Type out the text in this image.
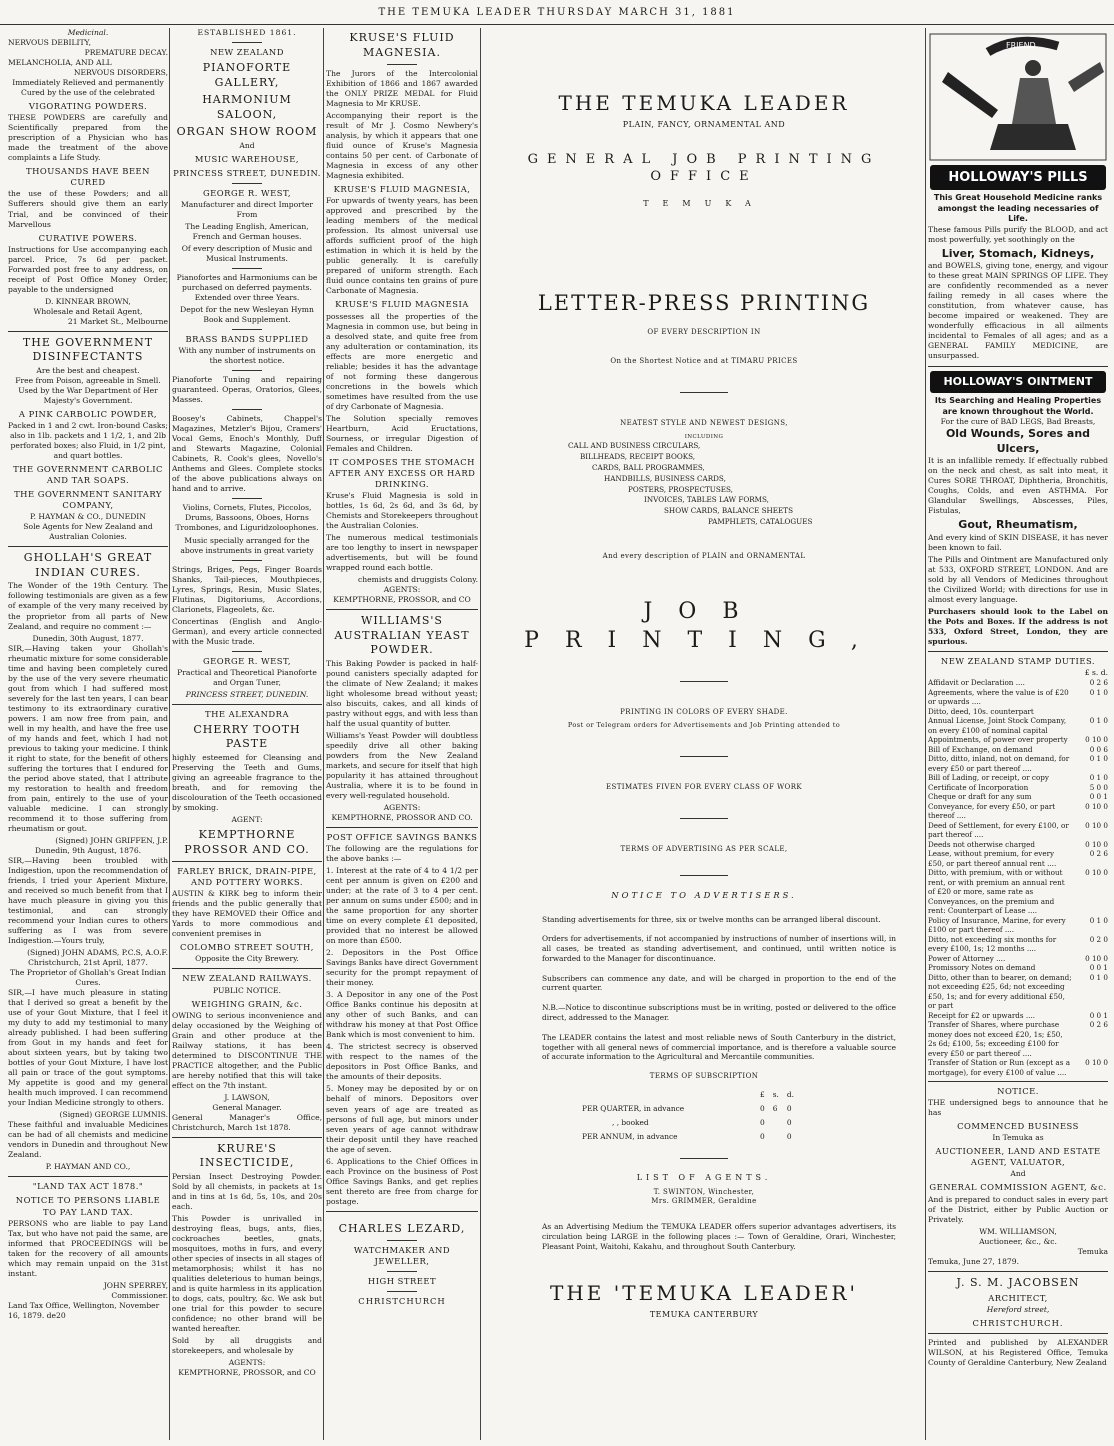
THE TEMUKA LEADER THURSDAY MARCH 31, 1881
Medicinal.
NERVOUS DEBILITY,
PREMATURE DECAY.
MELANCHOLIA, AND ALL
NERVOUS DISORDERS,

Immediately Relieved and permanently Cured by the use of the celebrated

VIGORATING POWDERS.

THESE POWDERS are carefully and Scientifically prepared from the prescription of a Physician who has made the treatment of the above complaints a Life Study.

THOUSANDS HAVE BEEN CURED

the use of these Powders; and all Sufferers should give them an early Trial, and be convinced of their Marvellous

CURATIVE POWERS.

Instructions for Use accompanying each parcel. Price, 7s 6d per packet. Forwarded post free to any address, on receipt of Post Office Money Order, payable to the undersigned

D. KINNEAR BROWN,
Wholesale and Retail Agent,
21 Market St., Melbourne
THE GOVERNMENT DISINFECTANTS
Are the best and cheapest.

Free from Poison, agreeable in Smell. Used by the War Department of Her Majesty's Government.

A PINK CARBOLIC POWDER,

Packed in 1 and 2 cwt. Iron-bound Casks; also in 1lb. packets and 1 1/2, 1, and 2lb perforated boxes; also Fluid, in 1/2 pint, and quart bottles.

THE GOVERNMENT CARBOLIC AND TAR SOAPS.
THE GOVERNMENT SANITARY COMPANY,
P. HAYMAN & CO., DUNEDIN

Sole Agents for New Zealand and Australian Colonies.

GHOLLAH'S GREAT INDIAN CURES.

The Wonder of the 19th Century. The following testimonials are given as a few of example of the very many received by the proprietor from all parts of New Zealand, and require no comment :—

Dunedin, 30th August, 1877.

SIR,—Having taken your Ghollah's rheumatic mixture for some considerable time and having been completely cured by the use of the very severe rheumatic gout from which I had suffered most severely for the last ten years, I can bear testimony to its extraordinary curative powers. I am now free from pain, and well in my health, and have the free use of my hands and feet, which I had not previous to taking your medicine. I think it right to state, for the benefit of others suffering the tortures that I endured for the period above stated, that I attribute my restoration to health and freedom from pain, entirely to the use of your valuable medicine. I can strongly recommend it to those suffering from rheumatism or gout.

(Signed) JOHN GRIFFEN, J.P.
Dunedin, 9th August, 1876.

SIR,—Having been troubled with Indigestion, upon the recommendation of friends, I tried your Aperient Mixture, and received so much benefit from that I have much pleasure in giving you this testimonial, and can strongly recommend your Indian cures to others suffering as I was from severe Indigestion.—Yours truly,

(Signed) JOHN ADAMS, P.C.S, A.O.F.
Christchurch, 21st April, 1877.
The Proprietor of Ghollah's Great Indian Cures.

SIR,—I have much pleasure in stating that I derived so great a benefit by the use of your Gout Mixture, that I feel it my duty to add my testimonial to many already published. I had been suffering from Gout in my hands and feet for about sixteen years, but by taking two bottles of your Gout Mixture, I have lost all pain or trace of the gout symptoms. My appetite is good and my general health much improved. I can recommend your Indian Medicine strongly to others.

(Signed) GEORGE LUMNIS.

These faithful and invaluable Medicines can be had of all chemists and medicine vendors in Dunedin and throughout New Zealand.

P. HAYMAN AND CO.,
"LAND TAX ACT 1878."
NOTICE TO PERSONS LIABLE TO PAY LAND TAX.

PERSONS who are liable to pay Land Tax, but who have not paid the same, are informed that PROCEEDINGS will be taken for the recovery of all amounts which may remain unpaid on the 31st instant.

JOHN SPERREY,
Commissioner.
Land Tax Office, Wellington, November 16, 1879. de20
ESTABLISHED 1861.
NEW ZEALAND
PIANOFORTE GALLERY,
HARMONIUM SALOON,
ORGAN SHOW ROOM
And
MUSIC WAREHOUSE,
PRINCESS STREET, DUNEDIN.
GEORGE R. WEST,

Manufacturer and direct Importer From

The Leading English, American, French and German houses.

Of every description of Music and Musical Instruments.

Pianofortes and Harmoniums can be purchased on deferred payments. Extended over three Years.

Depot for the new Wesleyan Hymn Book and Supplement.

BRASS BANDS SUPPLIED

With any number of instruments on the shortest notice.

Pianoforte Tuning and repairing guaranteed. Operas, Oratorios, Glees, Masses.

Boosey's Cabinets, Chappel's Magazines, Metzler's Bijou, Cramers' Vocal Gems, Enoch's Monthly, Duff and Stewarts Magazine, Colonial Cabinets, R. Cook's glees, Novello's Anthems and Glees. Complete stocks of the above publications always on hand and to arrive.

Violins, Cornets, Flutes, Piccolos, Drums, Bassoons, Oboes, Horns Trombones, and Liguridzoloophones.

Music specially arranged for the above instruments in great variety

Strings, Briges, Pegs, Finger Boards Shanks, Tail-pieces, Mouthpieces, Lyres, Springs, Resin, Music Slates, Flutinas, Digitoriums, Accordions, Clarionets, Flageolets, &c.

Concertinas (English and Anglo-German), and every article connected with the Music trade.

GEORGE R. WEST,

Practical and Theoretical Pianoforte and Organ Tuner,

PRINCESS STREET, DUNEDIN.
THE ALEXANDRA
CHERRY TOOTH PASTE

highly esteemed for Cleansing and Preserving the Teeth and Gums, giving an agreeable fragrance to the breath, and for removing the discolouration of the Teeth occasioned by smoking.

AGENT:
KEMPTHORNE PROSSOR AND CO.
FARLEY BRICK, DRAIN-PIPE, AND POTTERY WORKS.

AUSTIN & KIRK beg to inform their friends and the public generally that they have REMOVED their Office and Yards to more commodious and convenient premises in

COLOMBO STREET SOUTH,
Opposite the City Brewery.
NEW ZEALAND RAILWAYS.
PUBLIC NOTICE.
WEIGHING GRAIN, &c.

OWING to serious inconvenience and delay occasioned by the Weighing of Grain and other produce at the Railway stations, it has been determined to DISCONTINUE THE PRACTICE altogether, and the Public are hereby notified that this will take effect on the 7th instant.

J. LAWSON,
General Manager.

General Manager's Office, Christchurch, March 1st 1878.

KRURE'S INSECTICIDE,

Persian Insect Destroying Powder. Sold by all chemists, in packets at 1s and in tins at 1s 6d, 5s, 10s, and 20s each.

This Powder is unrivalled in destroying fleas, bugs, ants, flies, cockroaches beetles, gnats, mosquitoes, moths in furs, and every other species of insects in all stages of metamorphosis; whilst it has no qualities deleterious to human beings, and is quite harmless in its application to dogs, cats, poultry, &c. We ask but one trial for this powder to secure confidence; no other brand will be wanted hereafter.

Sold by all druggists and storekeepers, and wholesale by

AGENTS:
KEMPTHORNE, PROSSOR, and CO
KRUSE'S FLUID MAGNESIA.

The Jurors of the Intercolonial Exhibition of 1866 and 1867 awarded the ONLY PRIZE MEDAL for Fluid Magnesia to Mr KRUSE.

Accompanying their report is the result of Mr J. Cosmo Newbery's analysis, by which it appears that one fluid ounce of Kruse's Magnesia contains 50 per cent. of Carbonate of Magnesia in excess of any other Magnesia exhibited.

KRUSE'S FLUID MAGNESIA,

For upwards of twenty years, has been approved and prescribed by the leading members of the medical profession. Its almost universal use affords sufficient proof of the high estimation in which it is held by the public generally. It is carefully prepared of uniform strength. Each fluid ounce contains ten grains of pure Carbonate of Magnesia.

KRUSE'S FLUID MAGNESIA

possesses all the properties of the Magnesia in common use, but being in a desolved state, and quite free from any adulteration or contamination, its effects are more energetic and reliable; besides it has the advantage of not forming these dangerous concretions in the bowels which sometimes have resulted from the use of dry Carbonate of Magnesia.

The Solution specially removes Heartburn, Acid Eructations, Sourness, or irregular Digestion of Females and Children.

IT COMPOSES THE STOMACH AFTER ANY EXCESS OR HARD DRINKING.

Kruse's Fluid Magnesia is sold in bottles, 1s 6d, 2s 6d, and 3s 6d, by Chemists and Storekeepers throughout the Australian Colonies.

The numerous medical testimonials are too lengthy to insert in newspaper advertisements, but will be found wrapped round each bottle.

chemists and druggists Colony.
AGENTS:
KEMPTHORNE, PROSSOR, and CO
WILLIAMS'S AUSTRALIAN YEAST POWDER.

This Baking Powder is packed in half-pound canisters specially adapted for the climate of New Zealand; it makes light wholesome bread without yeast; also biscuits, cakes, and all kinds of pastry without eggs, and with less than half the usual quantity of butter.

Williams's Yeast Powder will doubtless speedily drive all other baking powders from the New Zealand markets, and secure for itself that high popularity it has attained throughout Australia, where it is to be found in every well-regulated household.

AGENTS:
KEMPTHORNE, PROSSOR AND CO.
POST OFFICE SAVINGS BANKS

The following are the regulations for the above banks :—

1. Interest at the rate of 4 to 4 1/2 per cent per annum is given on £200 and under; at the rate of 3 to 4 per cent. per annum on sums under £500; and in the same proportion for any shorter time on every complete £1 deposited, provided that no interest be allowed on more than £500.

2. Depositors in the Post Office Savings Banks have direct Government security for the prompt repayment of their money.

3. A Depositor in any one of the Post Office Banks continue his depositn at any other of such Banks, and can withdraw his money at that Post Office Bank which is most convenient to him.

4. The strictest secrecy is observed with respect to the names of the depositors in Post Office Banks, and the amounts of their deposits.

5. Money may be deposited by or on behalf of minors. Depositors over seven years of age are treated as persons of full age, but minors under seven years of age cannot withdraw their deposit until they have reached the age of seven.

6. Applications to the Chief Offices in each Province on the business of Post Office Savings Banks, and get replies sent thereto are free from charge for postage.

CHARLES LEZARD,
WATCHMAKER AND JEWELLER,
HIGH STREET
CHRISTCHURCH
THE TEMUKA LEADER
PLAIN, FANCY, ORNAMENTAL AND
GENERAL JOB PRINTING OFFICE
TEMUKA
LETTER-PRESS PRINTING
OF EVERY DESCRIPTION IN
On the Shortest Notice and at TIMARU PRICES
NEATEST STYLE AND NEWEST DESIGNS,
INCLUDING
CALL AND BUSINESS CIRCULARS,
BILLHEADS, RECEIPT BOOKS,
CARDS, BALL PROGRAMMES,
HANDBILLS, BUSINESS CARDS,
POSTERS, PROSPECTUSES,
INVOICES, TABLES LAW FORMS,
SHOW CARDS, BALANCE SHEETS
PAMPHLETS, CATALOGUES
And every description of PLAIN and ORNAMENTAL
JOB PRINTING,
PRINTING IN COLORS OF EVERY SHADE.
Post or Telegram orders for Advertisements and Job Printing attended to
ESTIMATES FIVEN FOR EVERY CLASS OF WORK
TERMS OF ADVERTISING AS PER SCALE,
NOTICE TO ADVERTISERS.
Standing advertisements for three, six or twelve months can be arranged liberal discount.
Orders for advertisements, if not accompanied by instructions of number of insertions will, in all cases, be treated as standing advertisement, and continued, until written notice is forwarded to the Manager for discontinuance.
Subscribers can commence any date, and will be charged in proportion to the end of the current quarter.
N.B.—Notice to discontinue subscriptions must be in writing, posted or delivered to the office direct, addressed to the Manager.
The LEADER contains the latest and most reliable news of South Canterbury in the district, together with all general news of commercial importance, and is therefore a valuable source of accurate information to the Agricultural and Mercantile communities.
TERMS OF SUBSCRIPTION
	£	s.	d.
PER QUARTER, in advance	0	6	0
, , booked	0		0
PER ANNUM, in advance	0		0
LIST OF AGENTS.
T. SWINTON, Winchester,
Mrs. GRIMMER, Geraldine
As an Advertising Medium the TEMUKA LEADER offers superior advantages advertisers, its circulation being LARGE in the following places :— Town of Geraldine, Orari, Winchester, Pleasant Point, Waitohi, Kakahu, and throughout South Canterbury.
THE 'TEMUKA LEADER'
TEMUKA CANTERBURY
FRIEND
HOLLOWAY'S PILLS
This Great Household Medicine ranks amongst the leading necessaries of Life.

These famous Pills purify the BLOOD, and act most powerfully, yet soothingly on the

Liver, Stomach, Kidneys,

and BOWELS, giving tone, energy, and vigour to these great MAIN SPRINGS OF LIFE. They are confidently recommended as a never failing remedy in all cases where the constitution, from whatever cause, has become impaired or weakened. They are wonderfully efficacious in all ailments incidental to Females of all ages; and as a GENERAL FAMILY MEDICINE, are unsurpassed.

HOLLOWAY'S OINTMENT
Its Searching and Healing Properties are known throughout the World.
For the cure of BAD LEGS, Bad Breasts,
Old Wounds, Sores and Ulcers,

It is an infallible remedy. If effectually rubbed on the neck and chest, as salt into meat, it Cures SORE THROAT, Diphtheria, Bronchitis, Coughs, Colds, and even ASTHMA. For Glandular Swellings, Abscesses, Piles, Fistulas,

Gout, Rheumatism,

And every kind of SKIN DISEASE, it has never been known to fail.

The Pills and Ointment are Manufactured only at 533, OXFORD STREET, LONDON. And are sold by all Vendors of Medicines throughout the Civilized World; with directions for use in almost every language.

Purchasers should look to the Label on the Pots and Boxes. If the address is not 533, Oxford Street, London, they are spurious.

NEW ZEALAND STAMP DUTIES.
£ s. d.
Affidavit or Declaration ....	0 2 6
Agreements, where the value is of £20 or upwards ....	0 1 0
Ditto, deed, 10s. counterpart	
Annual License, Joint Stock Company, on every £100 of nominal capital	0 1 0
Appointments, of power over property	0 10 0
Bill of Exchange, on demand	0 0 6
Ditto, ditto, inland, not on demand, for every £50 or part thereof ....	0 1 0
Bill of Lading, or receipt, or copy	0 1 0
Certificate of Incorporation	5 0 0
Cheque or draft for any sum	0 0 1
Conveyance, for every £50, or part thereof ....	0 10 0
Deed of Settlement, for every £100, or part thereof ....	0 10 0
Deeds not otherwise charged	0 10 0
Lease, without premium, for every £50, or part thereof annual rent ....	0 2 6
Ditto, with premium, with or without rent, or with premium an annual rent of £20 or more, same rate as Conveyances, on the premium and rent: Counterpart of Lease ....	0 10 0
Policy of Insurance, Marine, for every £100 or part thereof ....	0 1 0
Ditto, not exceeding six months for every £100, 1s; 12 months ....	0 2 0
Power of Attorney ....	0 10 0
Promissory Notes on demand	0 0 1
Ditto, other than to bearer, on demand; not exceeding £25, 6d; not exceeding £50, 1s; and for every additional £50, or part	0 1 0
Receipt for £2 or upwards ....	0 0 1
Transfer of Shares, where purchase money does not exceed £20, 1s; £50, 2s 6d; £100, 5s; exceeding £100 for every £50 or part thereof ....	0 2 6
Transfer of Station or Run (except as a mortgage), for every £100 of value ....	0 10 0
NOTICE.

THE undersigned begs to announce that he has

COMMENCED BUSINESS
In Temuka as
AUCTIONEER, LAND AND ESTATE AGENT, VALUATOR,
And
GENERAL COMMISSION AGENT, &c.

And is prepared to conduct sales in every part of the District, either by Public Auction or Privately.

WM. WILLIAMSON,
Auctioneer, &c., &c.
Temuka
Temuka, June 27, 1879.
J. S. M. JACOBSEN
ARCHITECT,
Hereford street,
CHRISTCHURCH.

Printed and published by ALEXANDER WILSON, at his Registered Office, Temuka County of Geraldine Canterbury, New Zealand
